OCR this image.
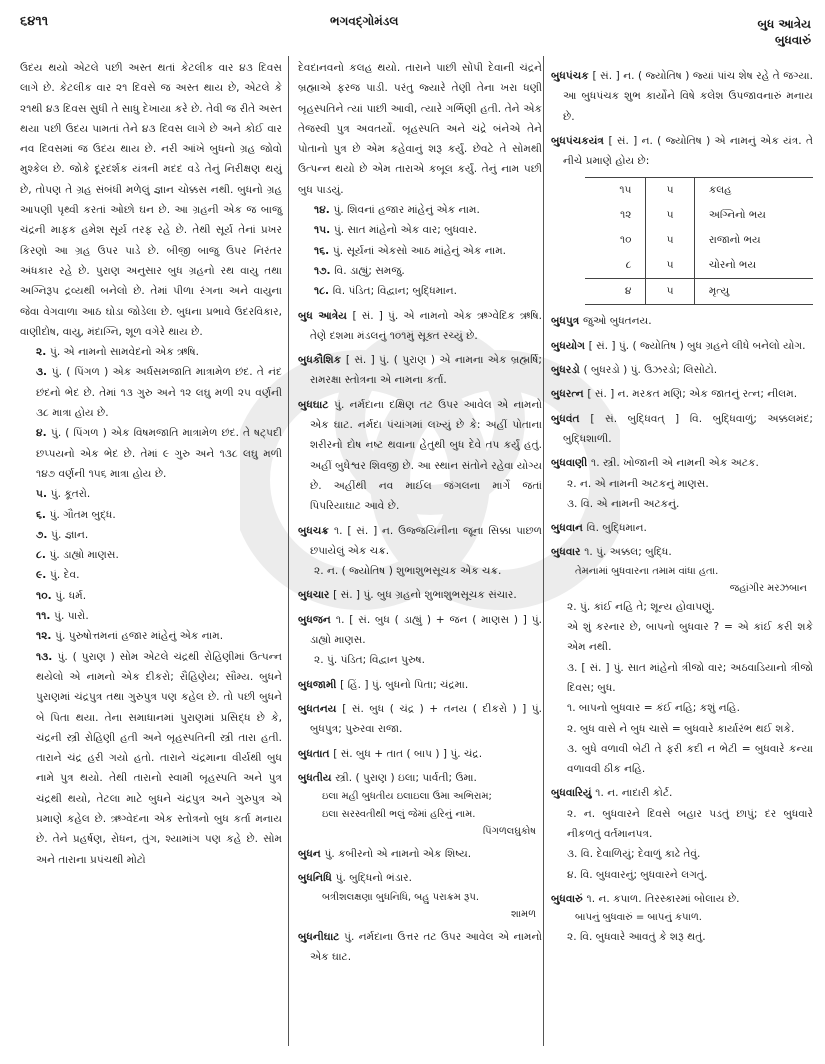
૬૪૧૧	ભગવદ્ગોમંડલ	બુધ આત્રેય
બુધવારું

ઉદય થયો એટલે પછી અસ્ત થતાં કેટલીક વાર ૪૩ દિવસ લાગે છે. કેટલીક વાર ૨૧ દિવસે જ અસ્ત થાય છે, એટલે કે ૨૧થી ૪૩ દિવસ સુધી તે સાધુ દેખાયા કરે છે. તેવી જ રીતે અસ્ત થયા પછી ઉદય પામતાં તેને ૪૩ દિવસ લાગે છે અને કોઈ વાર નવ દિવસમાં જ ઉદય થાય છે. નરી આંખે બુધનો ગ્રહ જોવો મુશ્કેલ છે. જોકે દૂરદર્શક યંત્રની મદદ વડે તેનું નિરીક્ષણ થયું છે, તોપણ તે ગ્રહ સંબંધી મળેલું જ્ઞાન ચોક્કસ નથી. બુધનો ગ્રહ આપણી પૃથ્વી કરતાં ઓછો ઘન છે. આ ગ્રહની એક જ બાજુ ચંદ્રની માફક હમેશ સૂર્ય તરફ રહે છે. તેથી સૂર્ય તેનાં પ્રખર કિરણો આ ગ્રહ ઉપર પાડે છે. બીજી બાજુ ઉપર નિરંતર અંધકાર રહે છે. પુરાણ અનુસાર બુધ ગ્રહનો રથ વાયુ તથા અગ્નિરૂપ દ્રવ્યથી બનેલો છે. તેમાં પીળા રંગના અને વાયુના જેવા વેગવાળા આઠ ઘોડા જોડેલા છે. બુધના પ્રભાવે ઉદરવિકાર, વાણીદોષ, વાયુ, મંદાગ્નિ, શૂળ વગેરે થાય છે.

૨. પું. એ નામનો સામવેદનો એક ઋષિ.

૩. પું. ( પિંગળ ) એક અર્ધસમજાતિ માત્રામેળ છંદ. તે નંદ છંદનો ભેદ છે. તેમાં ૧૩ ગુરુ અને ૧૨ લઘુ મળી ૨૫ વર્ણની ૩૮ માત્રા હોય છે.

૪. પું. ( પિંગળ ) એક વિષમજાતિ માત્રામેળ છંદ. તે ષટ્પદી છપ્પયનો એક ભેદ છે. તેમાં ૯ ગુરુ અને ૧૩૮ લઘુ મળી ૧૪૭ વર્ણની ૧૫૬ માત્રા હોય છે.

૫. પું. કૂતરો.

૬. પું. ગૌતમ બુદ્ધ.

૭. પું. જ્ઞાન.

૮. પું. ડાહ્યો માણસ.

૯. પું. દેવ.

૧૦. પું. ધર્મ.

૧૧. પું. પારો.

૧૨. પું. પુરુષોત્તમનાં હજાર માંહેનું એક નામ.

૧૩. પું. ( પુરાણ ) સોમ એટલે ચંદ્રથી રોહિણીમાં ઉત્પન્ન થયેલો એ નામનો એક દીકરો; રૌહિણેય; સૌમ્ય. બુધને પુરાણમાં ચંદ્રપુત્ર તથા ગુરુપુત્ર પણ કહેલ છે. તો પછી બુધને બે પિતા થયા. તેના સમાધાનમાં પુરાણમાં પ્રસિદ્ધ છે કે, ચંદ્રની સ્ત્રી રોહિણી હતી અને બૃહસ્પતિની સ્ત્રી તારા હતી. તારાને ચંદ્ર હરી ગયો હતો. તારાને ચંદ્રમાના વીર્યથી બુધ નામે પુત્ર થયો. તેથી તારાનો સ્વામી બૃહસ્પતિ અને પુત્ર ચંદ્રથી થયો, તેટલા માટે બુધને ચંદ્રપુત્ર અને ગુરુપુત્ર એ પ્રમાણે કહેલ છે. ઋગ્વેદના એક સ્તોત્રનો બુધ કર્તા મનાય છે. તેને પ્રહર્ષણ, રોધન, તુંગ, શ્યામાંગ પણ કહે છે. સોમ અને તારાના પ્રપંચથી મોટો

દેવદાનવનો કલહ થયો. તારાને પાછી સોંપી દેવાની ચંદ્રને બ્રહ્માએ ફરજ પાડી. પરંતુ જ્યારે તેણી તેના ખરા ધણી બૃહસ્પતિને ત્યાં પાછી આવી, ત્યારે ગર્ભિણી હતી. તેને એક તેજસ્વી પુત્ર અવતર્યો. બૃહસ્પતિ અને ચંદ્રે બંનેએ તેને પોતાનો પુત્ર છે એમ કહેવાનું શરૂ કર્યું. છેવટે તે સોમથી ઉત્પન્ન થયો છે એમ તારાએ કબૂલ કર્યું. તેનું નામ પછી બુધ પાડયું.

૧૪. પું. શિવનાં હજાર માંહેનું એક નામ.

૧૫. પું. સાત માંહેનો એક વાર; બુધવાર.

૧૬. પું. સૂર્યનાં એકસો આઠ માંહેનું એક નામ.

૧૭. વિ. ડાહ્યું; સમજુ.

૧૮. વિ. પંડિત; વિદ્વાન; બુદ્ધિમાન.

બુધ આત્રેય [ સં. ] પું. એ નામનો એક ઋગ્વેદિક ઋષિ. તેણે દશમા મંડલનું ૧૦૧મું સૂક્ત રચ્યું છે.

બુધકૌશિક [ સં. ] પું. ( પુરાણ ) એ નામના એક બ્રહ્મર્ષિ; રામરક્ષા સ્તોત્રના એ નામના કર્તા.

બુધઘાટ પું. નર્મદાના દક્ષિણ તટ ઉપર આવેલ એ નામનો એક ઘાટ. નર્મદા પંચાંગમાં લખ્યું છે કે: અહીં પોતાના શરીરનો દોષ નષ્ટ થવાના હેતુથી બુધ દેવે તપ કર્યું હતું. અહીં બુધેશ્વર શિવજી છે. આ સ્થાન સંતોને રહેવા યોગ્ય છે. અહીંથી નવ માઈલ જંગલના માર્ગે જતાં પિપરિયાઘાટ આવે છે.

બુધચક્ર ૧. [ સં. ] ન. ઉજ્જયિનીના જૂના સિક્કા પાછળ છપાયેલું એક ચક્ર.

૨. ન. ( જ્યોતિષ ) શુભાશુભસૂચક એક ચક્ર.

બુધચાર [ સં. ] પું. બુધ ગ્રહનો શુભાશુભસૂચક સંચાર.

બુધજન ૧. [ સં. બુધ ( ડાહ્યું ) + જન ( માણસ ) ] પું. ડાહ્યો માણસ.

૨. પું. પંડિત; વિદ્વાન પુરુષ.

બુધજામી [ હિં. ] પું. બુધનો પિતા; ચંદ્રમા.

બુધતનય [ સં. બુધ ( ચંદ્ર ) + તનય ( દીકરો ) ] પું. બુધપુત્ર; પુરુરવા રાજા.

બુધતાત [ સં. બુધ + તાત ( બાપ ) ] પું. ચંદ્ર.

બુધતીય સ્ત્રી. ( પુરાણ ) ઇલા; પાર્વતી; ઉમા.

ઇલા મહી બુધતીય ઇલાઇલા ઉમા અભિરામ;

ઇલા સરસ્વતીથી ભલું જેમાં હરિનું નામ.

પિંગળલઘુકોષ

બુધન પું. કબીરનો એ નામનો એક શિષ્ય.

બુધનિધિ પું. બુદ્ધિનો ભંડાર.

બત્રીશલક્ષણા બુધનિધિ, બહુ પરાક્રમ રૂપ.

શામળ

બુધનીઘાટ પું. નર્મદાના ઉત્તર તટ ઉપર આવેલ એ નામનો એક ઘાટ.

બુધપંચક [ સં. ] ન. ( જ્યોતિષ ) જ્યાં પાંચ શેષ રહે તે જગ્યા. આ બુધપંચક શુભ કાર્યોને વિષે કલેશ ઉપજાવનારું મનાય છે.

બુધપંચકયંત્ર [ સં. ] ન. ( જ્યોતિષ ) એ નામનું એક યંત્ર. તે નીચે પ્રમાણે હોય છે:

૧૫	૫	કલહ
૧૨	૫	અગ્નિનો ભય
૧૦	૫	રાજાનો ભય
૮	૫	ચોરનો ભય
૪	૫	મૃત્યુ

બુધપુત્ર જુઓ બુધતનય.

બુધયોગ [ સં. ] પું. ( જ્યોતિષ ) બુધ ગ્રહને લીધે બનેલો યોગ.

બુધરડો ( બુધરડો ) પું. ઉઝરડો; લિસોટો.

બુધરત્ન [ સં. ] ન. મરકત મણિ; એક જાતનું રત્ન; નીલમ.

બુધવંત [ સં. બુદ્ધિવત્ ] વિ. બુદ્ધિવાળું; અક્કલમંદ; બુદ્ધિશાળી.

બુધવાણી ૧. સ્ત્રી. ખોજાની એ નામની એક અટક.

૨. ન. એ નામની અટકનું માણસ.

૩. વિ. એ નામની અટકનું.

બુધવાન વિ. બુદ્ધિમાન.

બુધવાર ૧. પું. અક્કલ; બુદ્ધિ.

તેમનામાં બુધવારના તમામ વાંધા હતા.

જહાંગીર મરઝબાન

૨. પું. કાંઈ નહિ તે; શૂન્ય હોવાપણું.

એ શું કરનાર છે, બાપનો બુધવાર ? = એ કાંઈ કરી શકે એમ નથી.

૩. [ સં. ] પું. સાત માંહેનો ત્રીજો વાર; અઠવાડિયાનો ત્રીજો દિવસ; બુધ.

૧. બાપનો બુધવાર = કંઈ નહિ; કશું નહિ.

૨. બુધ વાસે ને બુધ ચાસે = બુધવારે કાર્યારંભ થઈ શકે.

૩. બુધે વળાવી બેટી તે ફરી કદી ન ભેટી = બુધવારે કન્યા વળાવવી ઠીક નહિ.

બુધવારિયું ૧. ન. નાદારી કોર્ટ.

૨. ન. બુધવારને દિવસે બહાર પડતું છાપું; દર બુધવારે નીકળતું વર્તમાનપત્ર.

૩. વિ. દેવાળિયું; દેવાળું કાઢે તેવું.

૪. વિ. બુધવારનું; બુધવારને લગતું.

બુધવારું ૧. ન. કપાળ. તિરસ્કારમાં બોલાય છે.

બાપનું બુધવારું = બાપનું કપાળ.

૨. વિ. બુધવારે આવતું કે શરૂ થતું.
